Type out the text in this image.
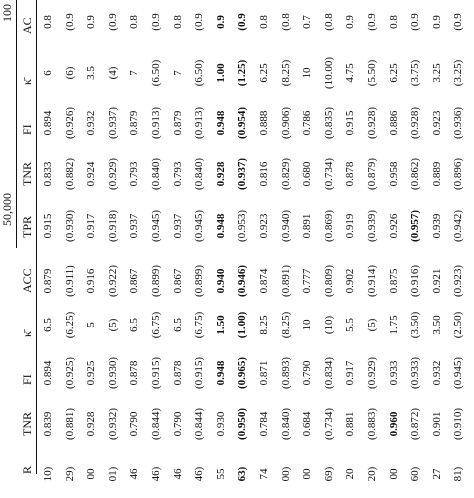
50,000
100
R
TNR
FI
κ̄
ACC
TPR
TNR
FI
κ̄
AC
10) 29) 00 01) 46 46) 46 46) 55 63) 74 00) 00 69) 20 20) 00 60) 27 81)
0.839
0.894
6.5
0.879
0.915
0.833
0.894
6
0.8
(0.881)
(0.925)
(6.25)
(0.911)
(0.930)
(0.882)
(0.926)
(6)
(0.9
0.928
0.925
5
0.916
0.917
0.924
0.932
3.5
0.9
(0.932)
(0.930)
(5)
(0.922)
(0.918)
(0.929)
(0.937)
(4)
(0.9
0.790
0.878
6.5
0.867
0.937
0.793
0.879
7
0.8
(0.844)
(0.915)
(6.75)
(0.899)
(0.945)
(0.840)
(0.913)
(6.50)
(0.9
0.790
0.878
6.5
0.867
0.937
0.793
0.879
7
0.8
(0.844)
(0.915)
(6.75)
(0.899)
(0.945)
(0.840)
(0.913)
(6.50)
(0.9
0.930
0.948
1.50
0.940
0.948
0.928
0.948
1.00
0.9
(0.950)
(0.965)
(1.00)
(0.946)
(0.953)
(0.937)
(0.954)
(1.25)
(0.9
0.784
0.871
8.25
0.874
0.923
0.816
0.888
6.25
0.8
(0.840)
(0.893)
(8.25)
(0.891)
(0.940)
(0.829)
(0.906)
(8.25)
(0.8
0.684
0.790
10
0.777
0.891
0.680
0.786
10
0.7
(0.734)
(0.834)
(10)
(0.809)
(0.869)
(0.734)
(0.835)
(10.00)
(0.8
0.881
0.917
5.5
0.902
0.919
0.878
0.915
4.75
0.9
(0.883)
(0.929)
(5)
(0.914)
(0.939)
(0.879)
(0.928)
(5.50)
(0.9
0.960
0.933
1.75
0.875
0.926
0.958
0.886
6.25
0.8
(0.872)
(0.933)
(3.50)
(0.916)
(0.957)
(0.862)
(0.928)
(3.75)
(0.9
0.901
0.932
3.50
0.921
0.939
0.889
0.923
3.25
0.9
(0.910)
(0.945)
(2.50)
(0.923)
(0.942)
(0.896)
(0.936)
(3.25)
(0.9
